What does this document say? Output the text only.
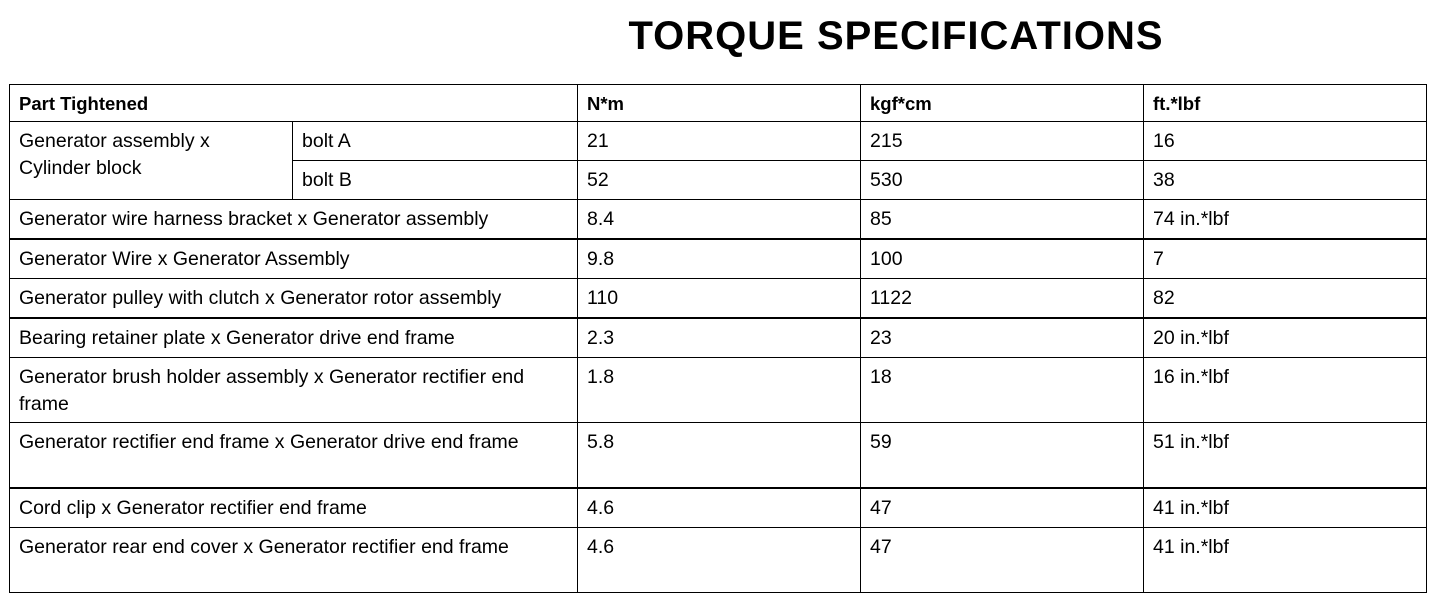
TORQUE SPECIFICATIONS
Part Tightened		N*m	kgf*cm	ft.*lbf
Generator assembly x Cylinder block	bolt A	21	215	16
	bolt B	52	530	38
Generator wire harness bracket x Generator assembly		8.4	85	74 in.*lbf
Generator Wire x Generator Assembly		9.8	100	7
Generator pulley with clutch x Generator rotor assembly		110	1122	82
Bearing retainer plate x Generator drive end frame		2.3	23	20 in.*lbf
Generator brush holder assembly x Generator rectifier end frame		1.8	18	16 in.*lbf
Generator rectifier end frame x Generator drive end frame		5.8	59	51 in.*lbf
Cord clip x Generator rectifier end frame		4.6	47	41 in.*lbf
Generator rear end cover x Generator rectifier end frame		4.6	47	41 in.*lbf
